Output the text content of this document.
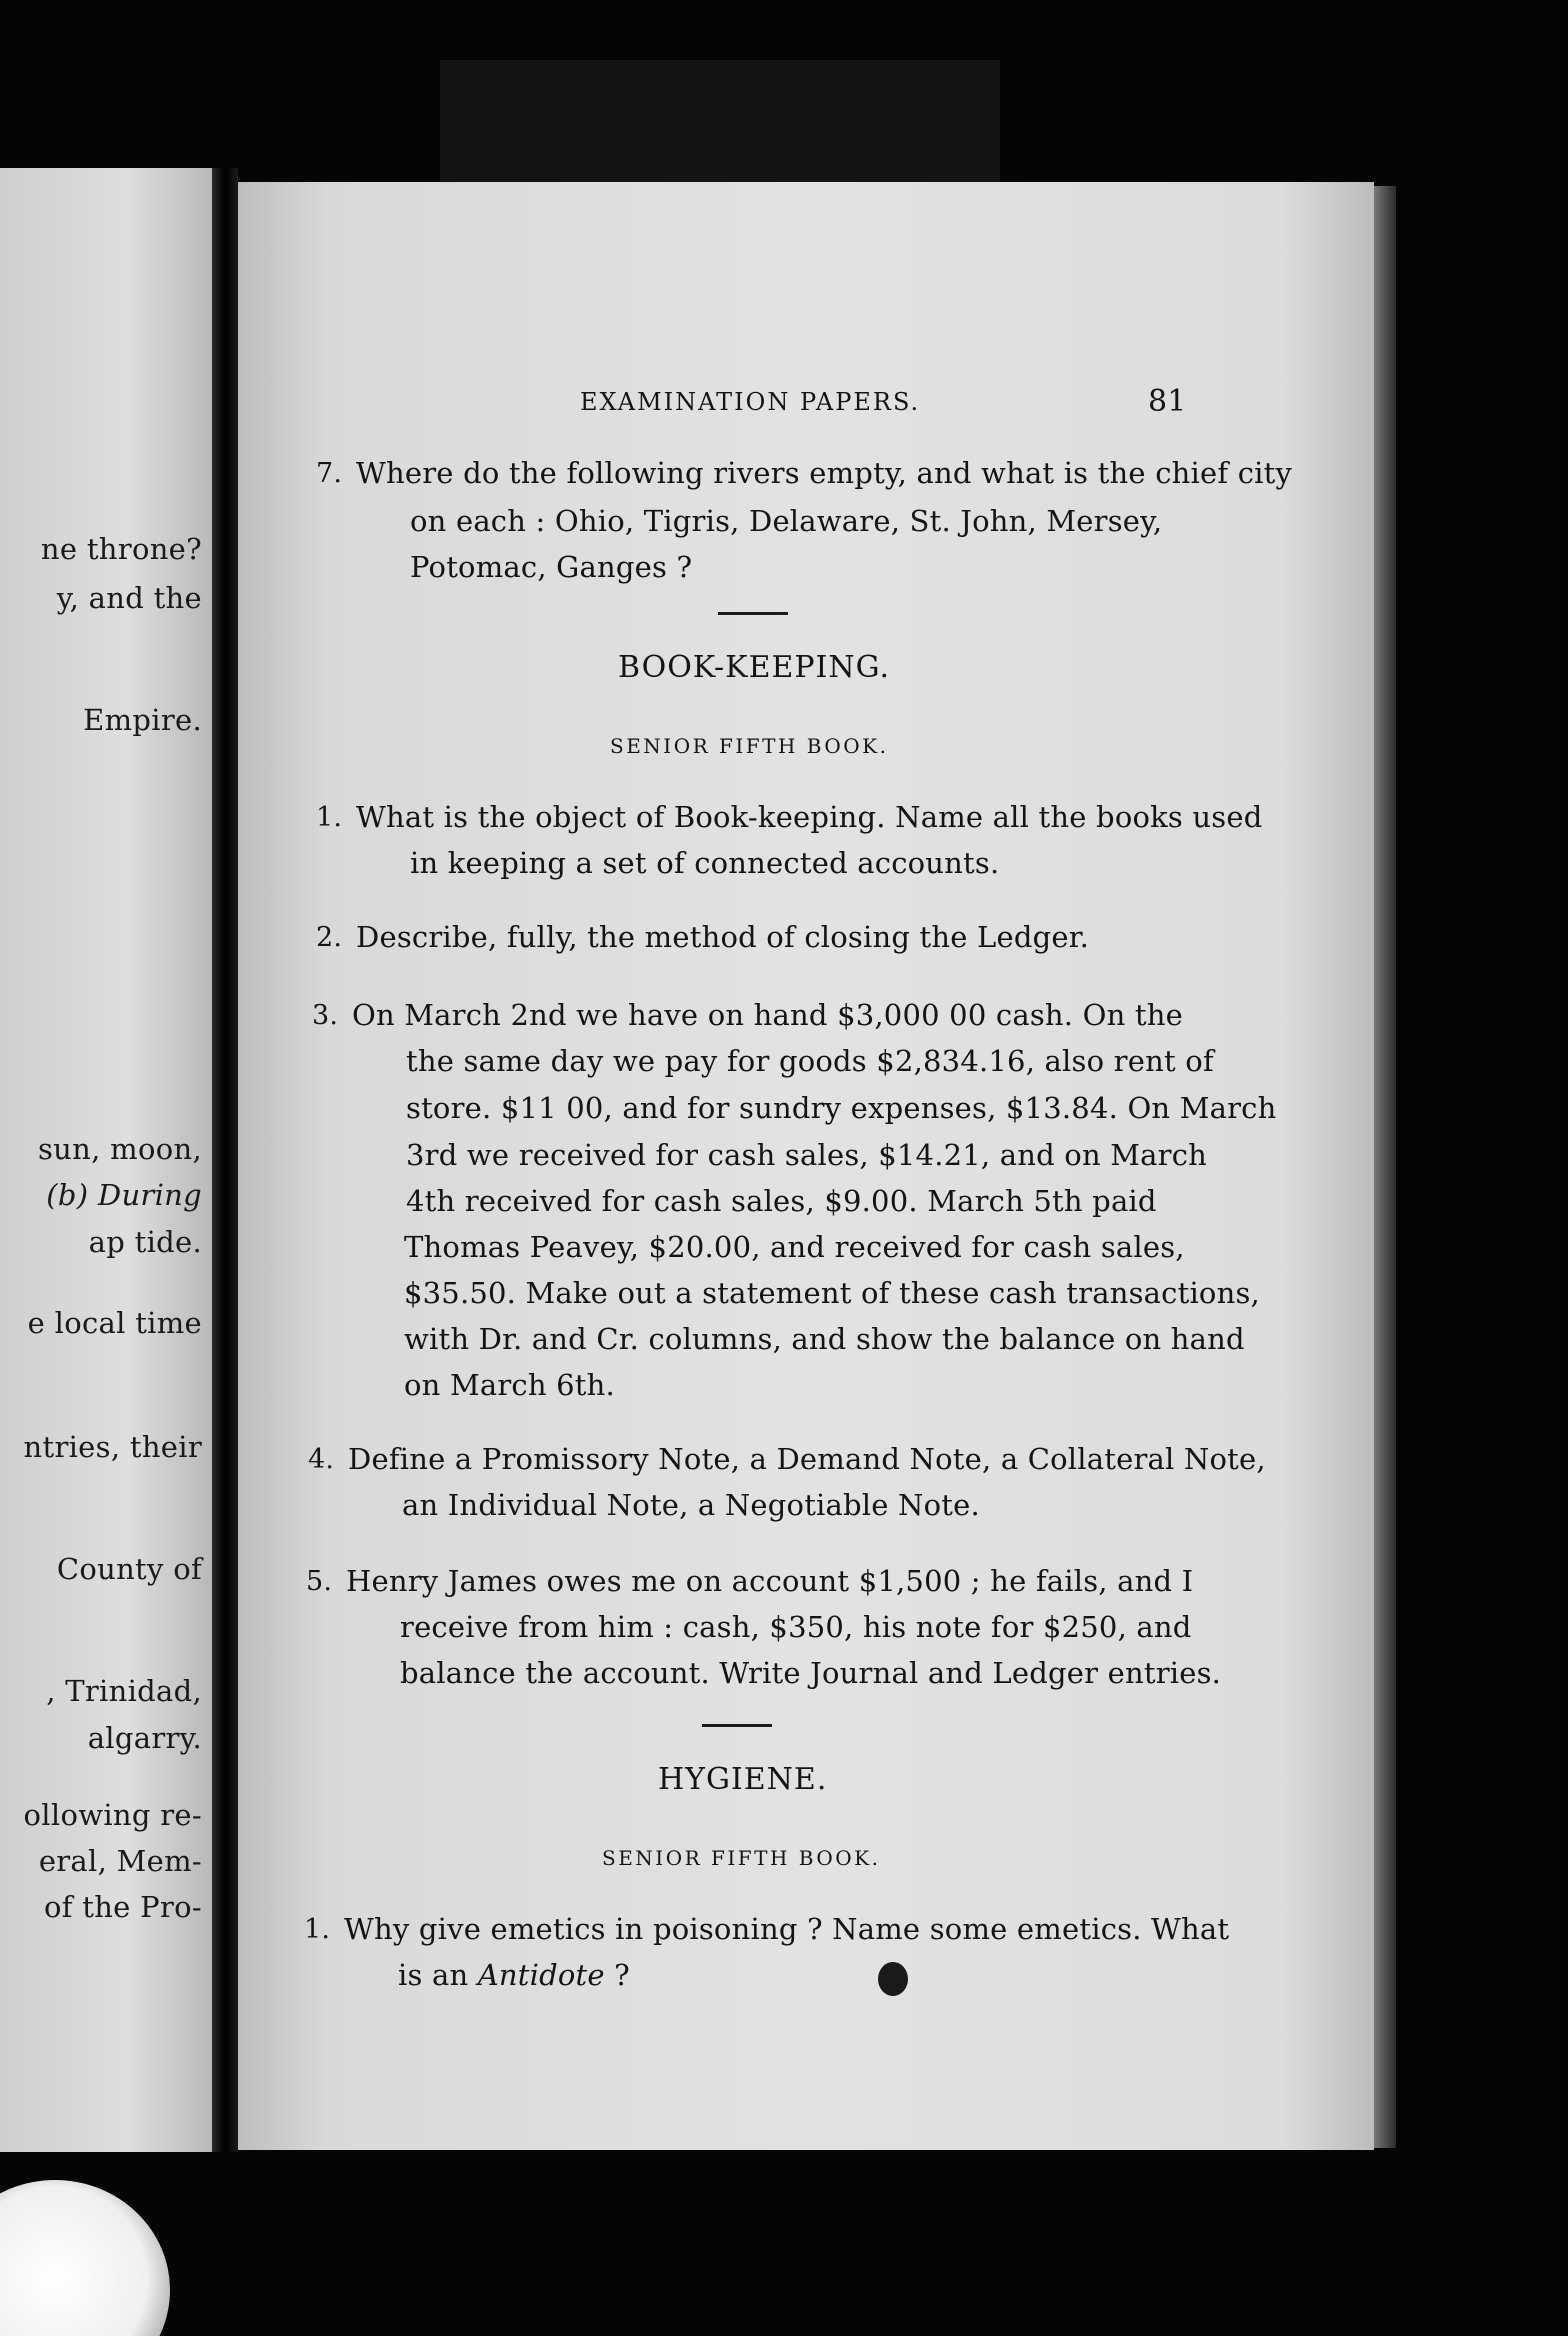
ne throne?
y, and the
Empire.
sun, moon,
(b) During
ap tide.
e local time
ntries, their
County of
, Trinidad,
algarry.
ollowing re-
eral, Mem-
of the Pro-
EXAMINATION PAPERS.	81
7. Where do the following rivers empty, and what is the chief city
on each : Ohio, Tigris, Delaware, St. John, Mersey,
Potomac, Ganges ?
BOOK-KEEPING.
SENIOR FIFTH BOOK.
1. What is the object of Book-keeping. Name all the books used
in keeping a set of connected accounts.
2. Describe, fully, the method of closing the Ledger.
3. On March 2nd we have on hand $3,000 00 cash. On the
the same day we pay for goods $2,834.16, also rent of
store. $11 00, and for sundry expenses, $13.84. On March
3rd we received for cash sales, $14.21, and on March
4th received for cash sales, $9.00. March 5th paid
Thomas Peavey, $20.00, and received for cash sales,
$35.50. Make out a statement of these cash transactions,
with Dr. and Cr. columns, and show the balance on hand
on March 6th.
4. Define a Promissory Note, a Demand Note, a Collateral Note,
an Individual Note, a Negotiable Note.
5. Henry James owes me on account $1,500 ; he fails, and I
receive from him : cash, $350, his note for $250, and
balance the account. Write Journal and Ledger entries.
HYGIENE.
SENIOR FIFTH BOOK.
1. Why give emetics in poisoning ? Name some emetics. What
is an Antidote ?
